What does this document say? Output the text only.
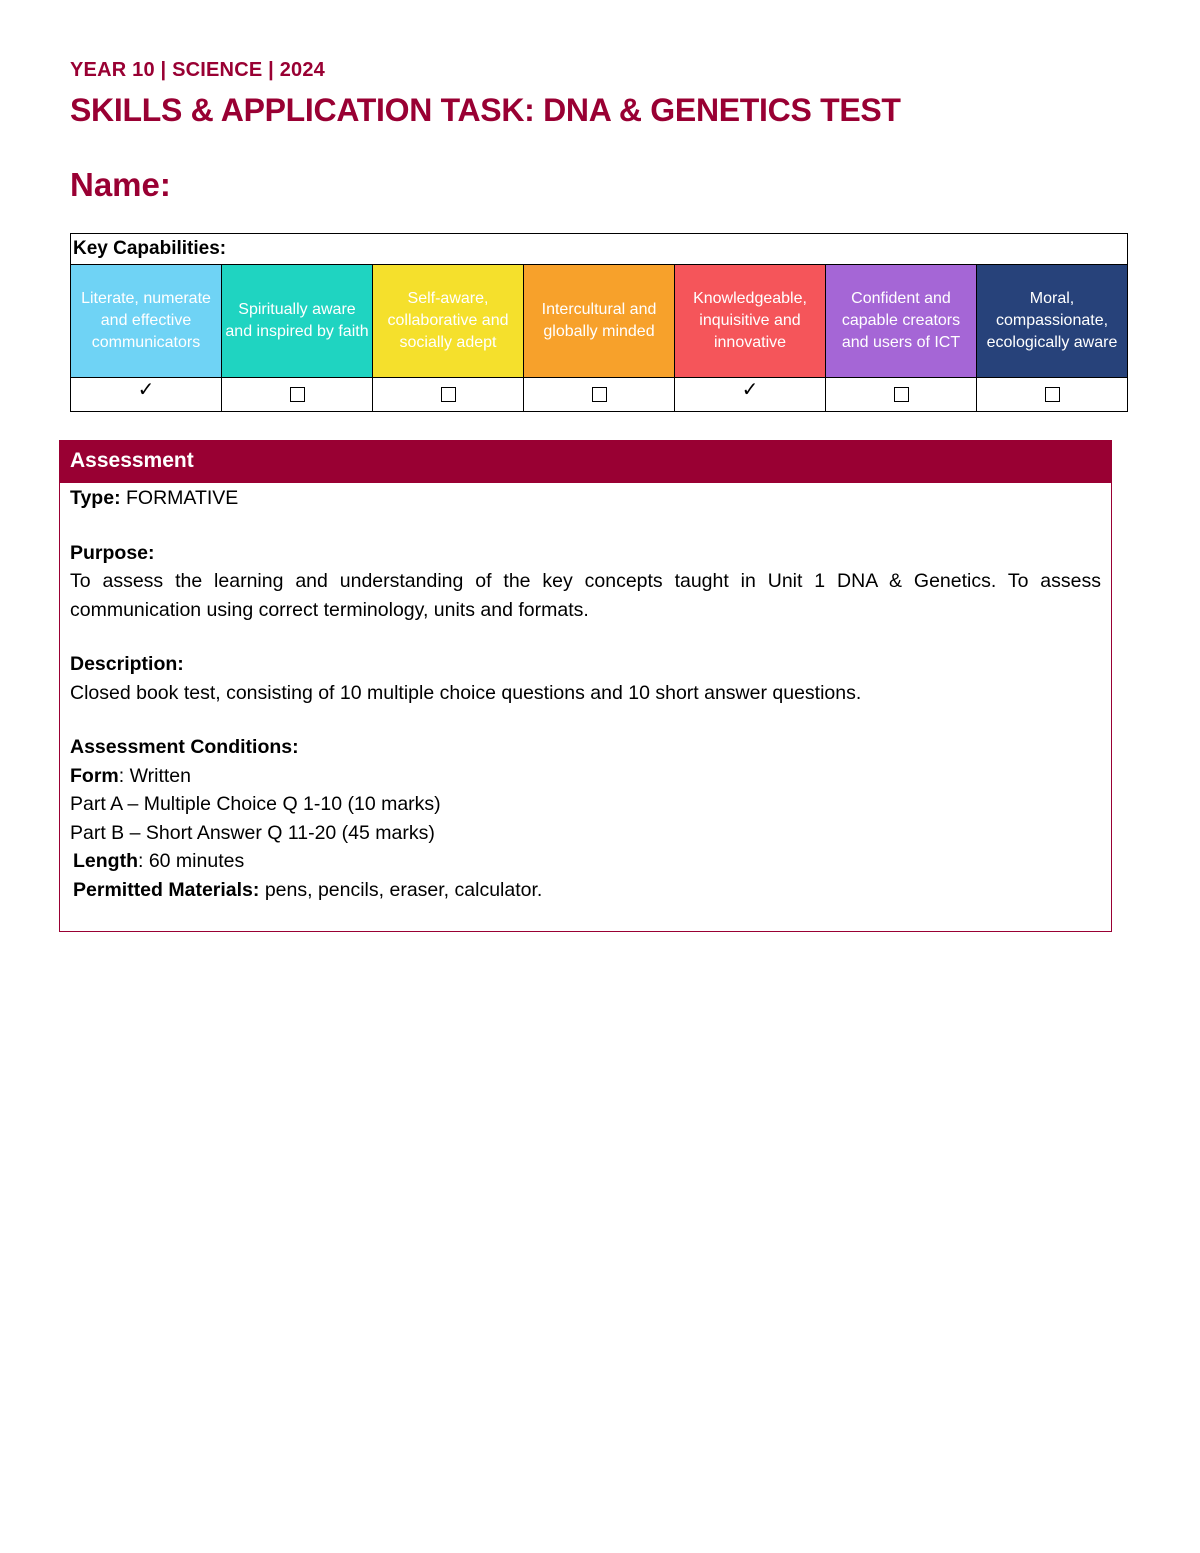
YEAR 10 | SCIENCE | 2024
SKILLS & APPLICATION TASK: DNA & GENETICS TEST
Name:
Key Capabilities:						
Literate, numerate and effective communicators	Spiritually aware and inspired by faith	Self-aware, collaborative and socially adept	Intercultural and globally minded	Knowledgeable, inquisitive and innovative	Confident and capable creators and users of ICT	Moral, compassionate, ecologically aware
✓				✓		
Assessment

Type: FORMATIVE

Purpose:

To assess the learning and understanding of the key concepts taught in Unit 1 DNA & Genetics. To assess communication using correct terminology, units and formats.

Description:

Closed book test, consisting of 10 multiple choice questions and 10 short answer questions.

Assessment Conditions:

Form: Written

Part A – Multiple Choice Q 1-10 (10 marks)

Part B – Short Answer Q 11-20 (45 marks)

Length: 60 minutes

Permitted Materials: pens, pencils, eraser, calculator.
